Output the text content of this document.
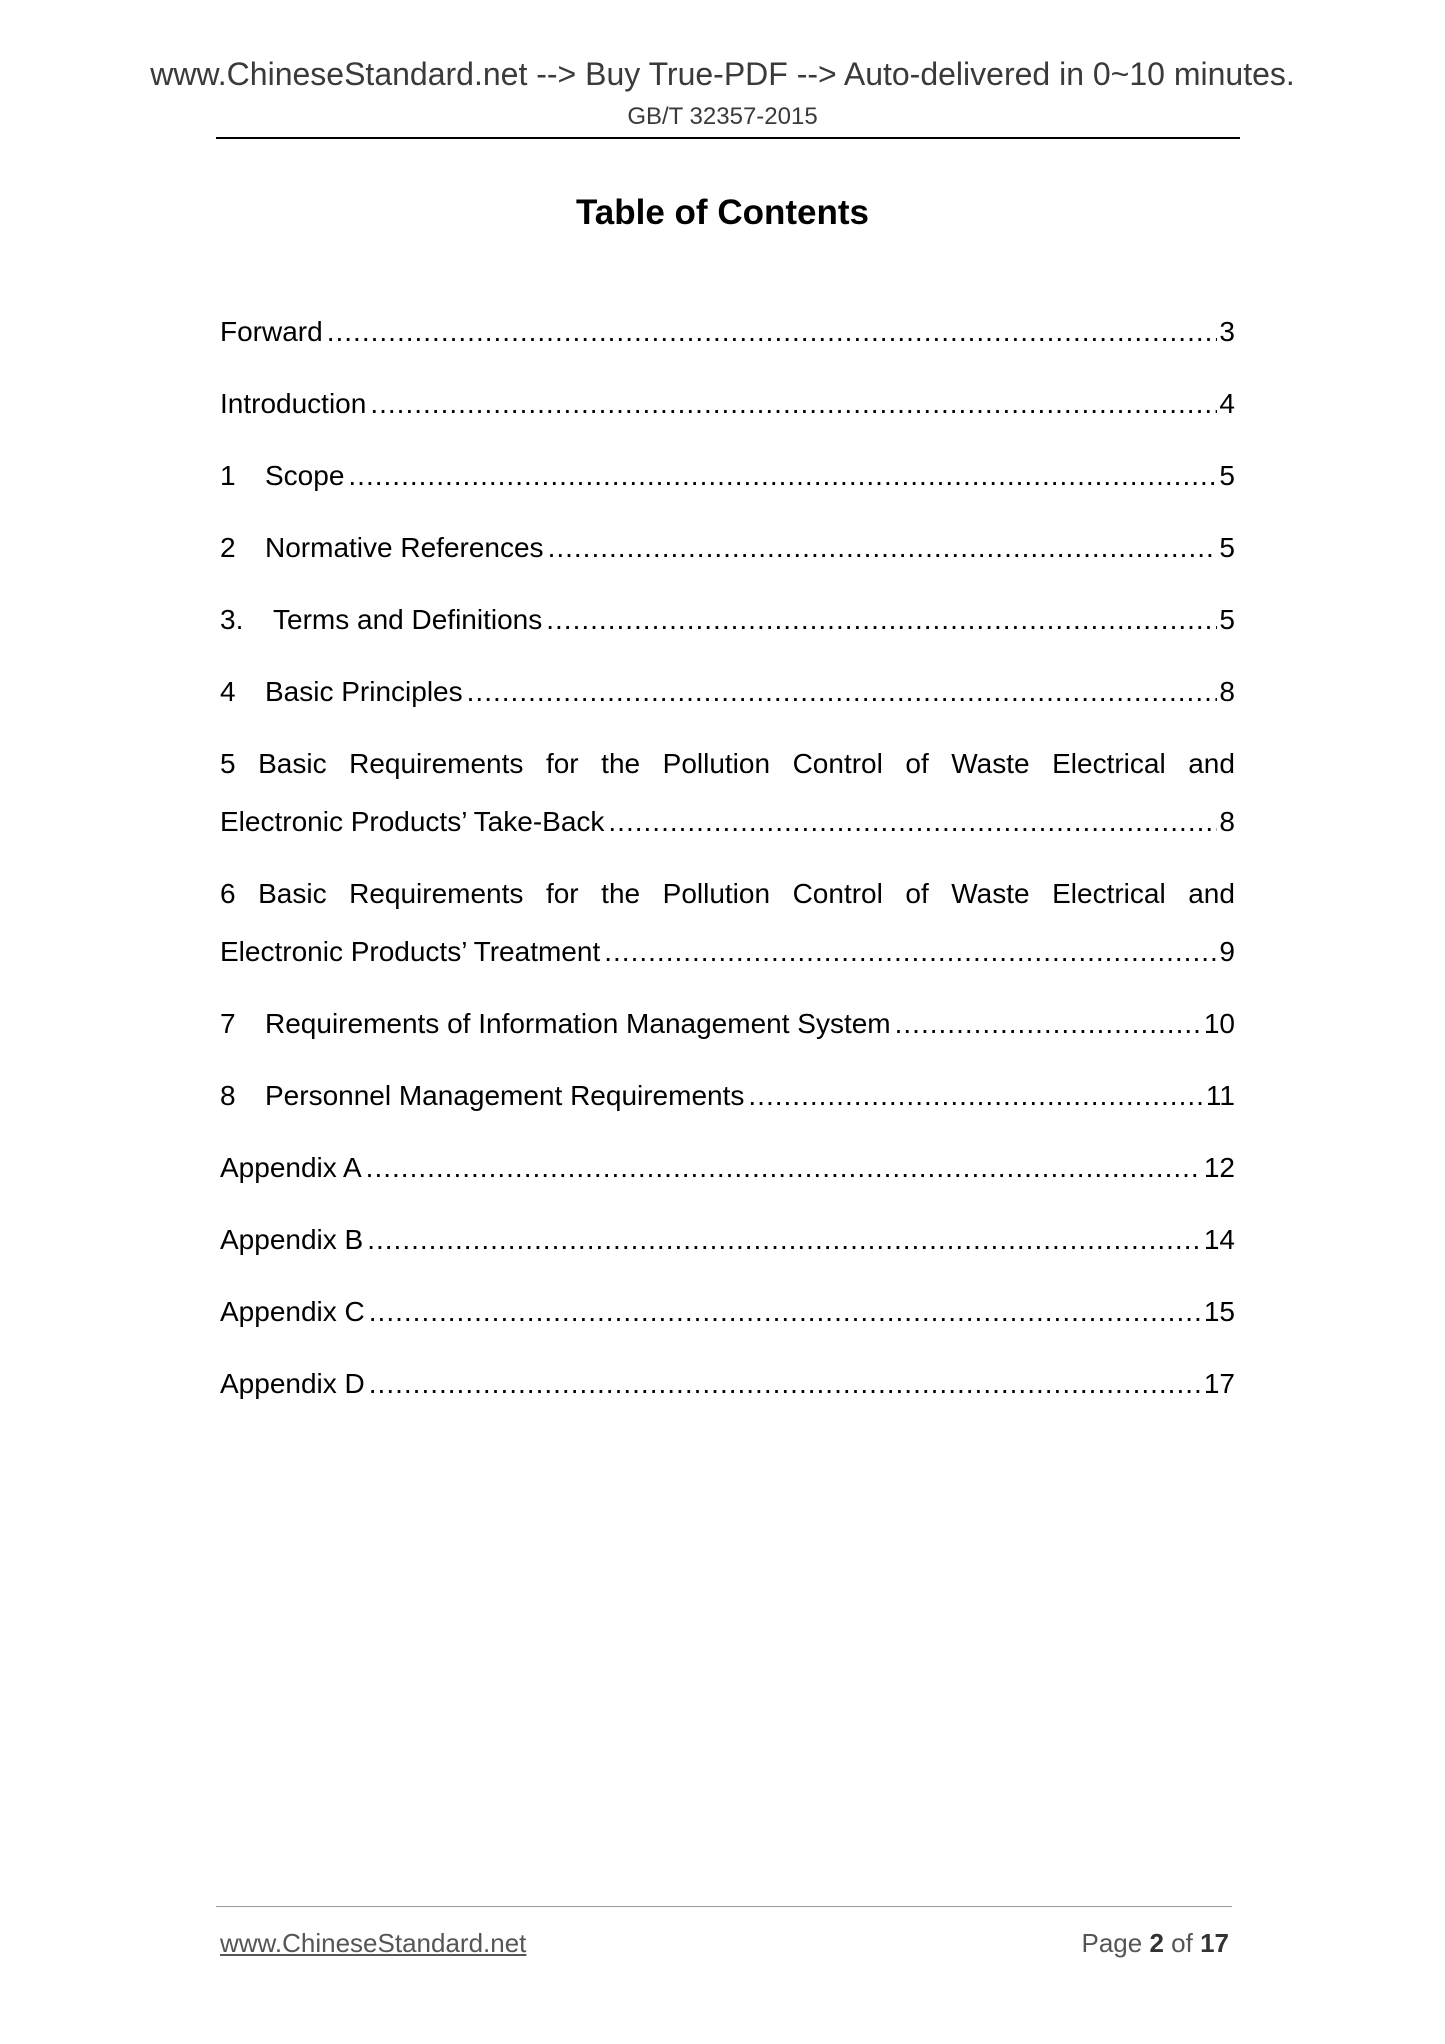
www.ChineseStandard.net --> Buy True-PDF --> Auto-delivered in 0~10 minutes.
GB/T 32357-2015
Table of Contents
Forward .....	3
Introduction .....	4
1	Scope .....	5
2	Normative References .....	5
3.	Terms and Definitions .....	5
4	Basic Principles .....	8
5 Basic Requirements for the Pollution Control of Waste Electrical and
Electronic Products’ Take-Back .....	8
6 Basic Requirements for the Pollution Control of Waste Electrical and
Electronic Products’ Treatment .....	9
7	Requirements of Information Management System .....	10
8	Personnel Management Requirements .....	11
Appendix A .....	12
Appendix B .....	14
Appendix C .....	15
Appendix D .....	17
www.ChineseStandard.net	Page 2 of 17
